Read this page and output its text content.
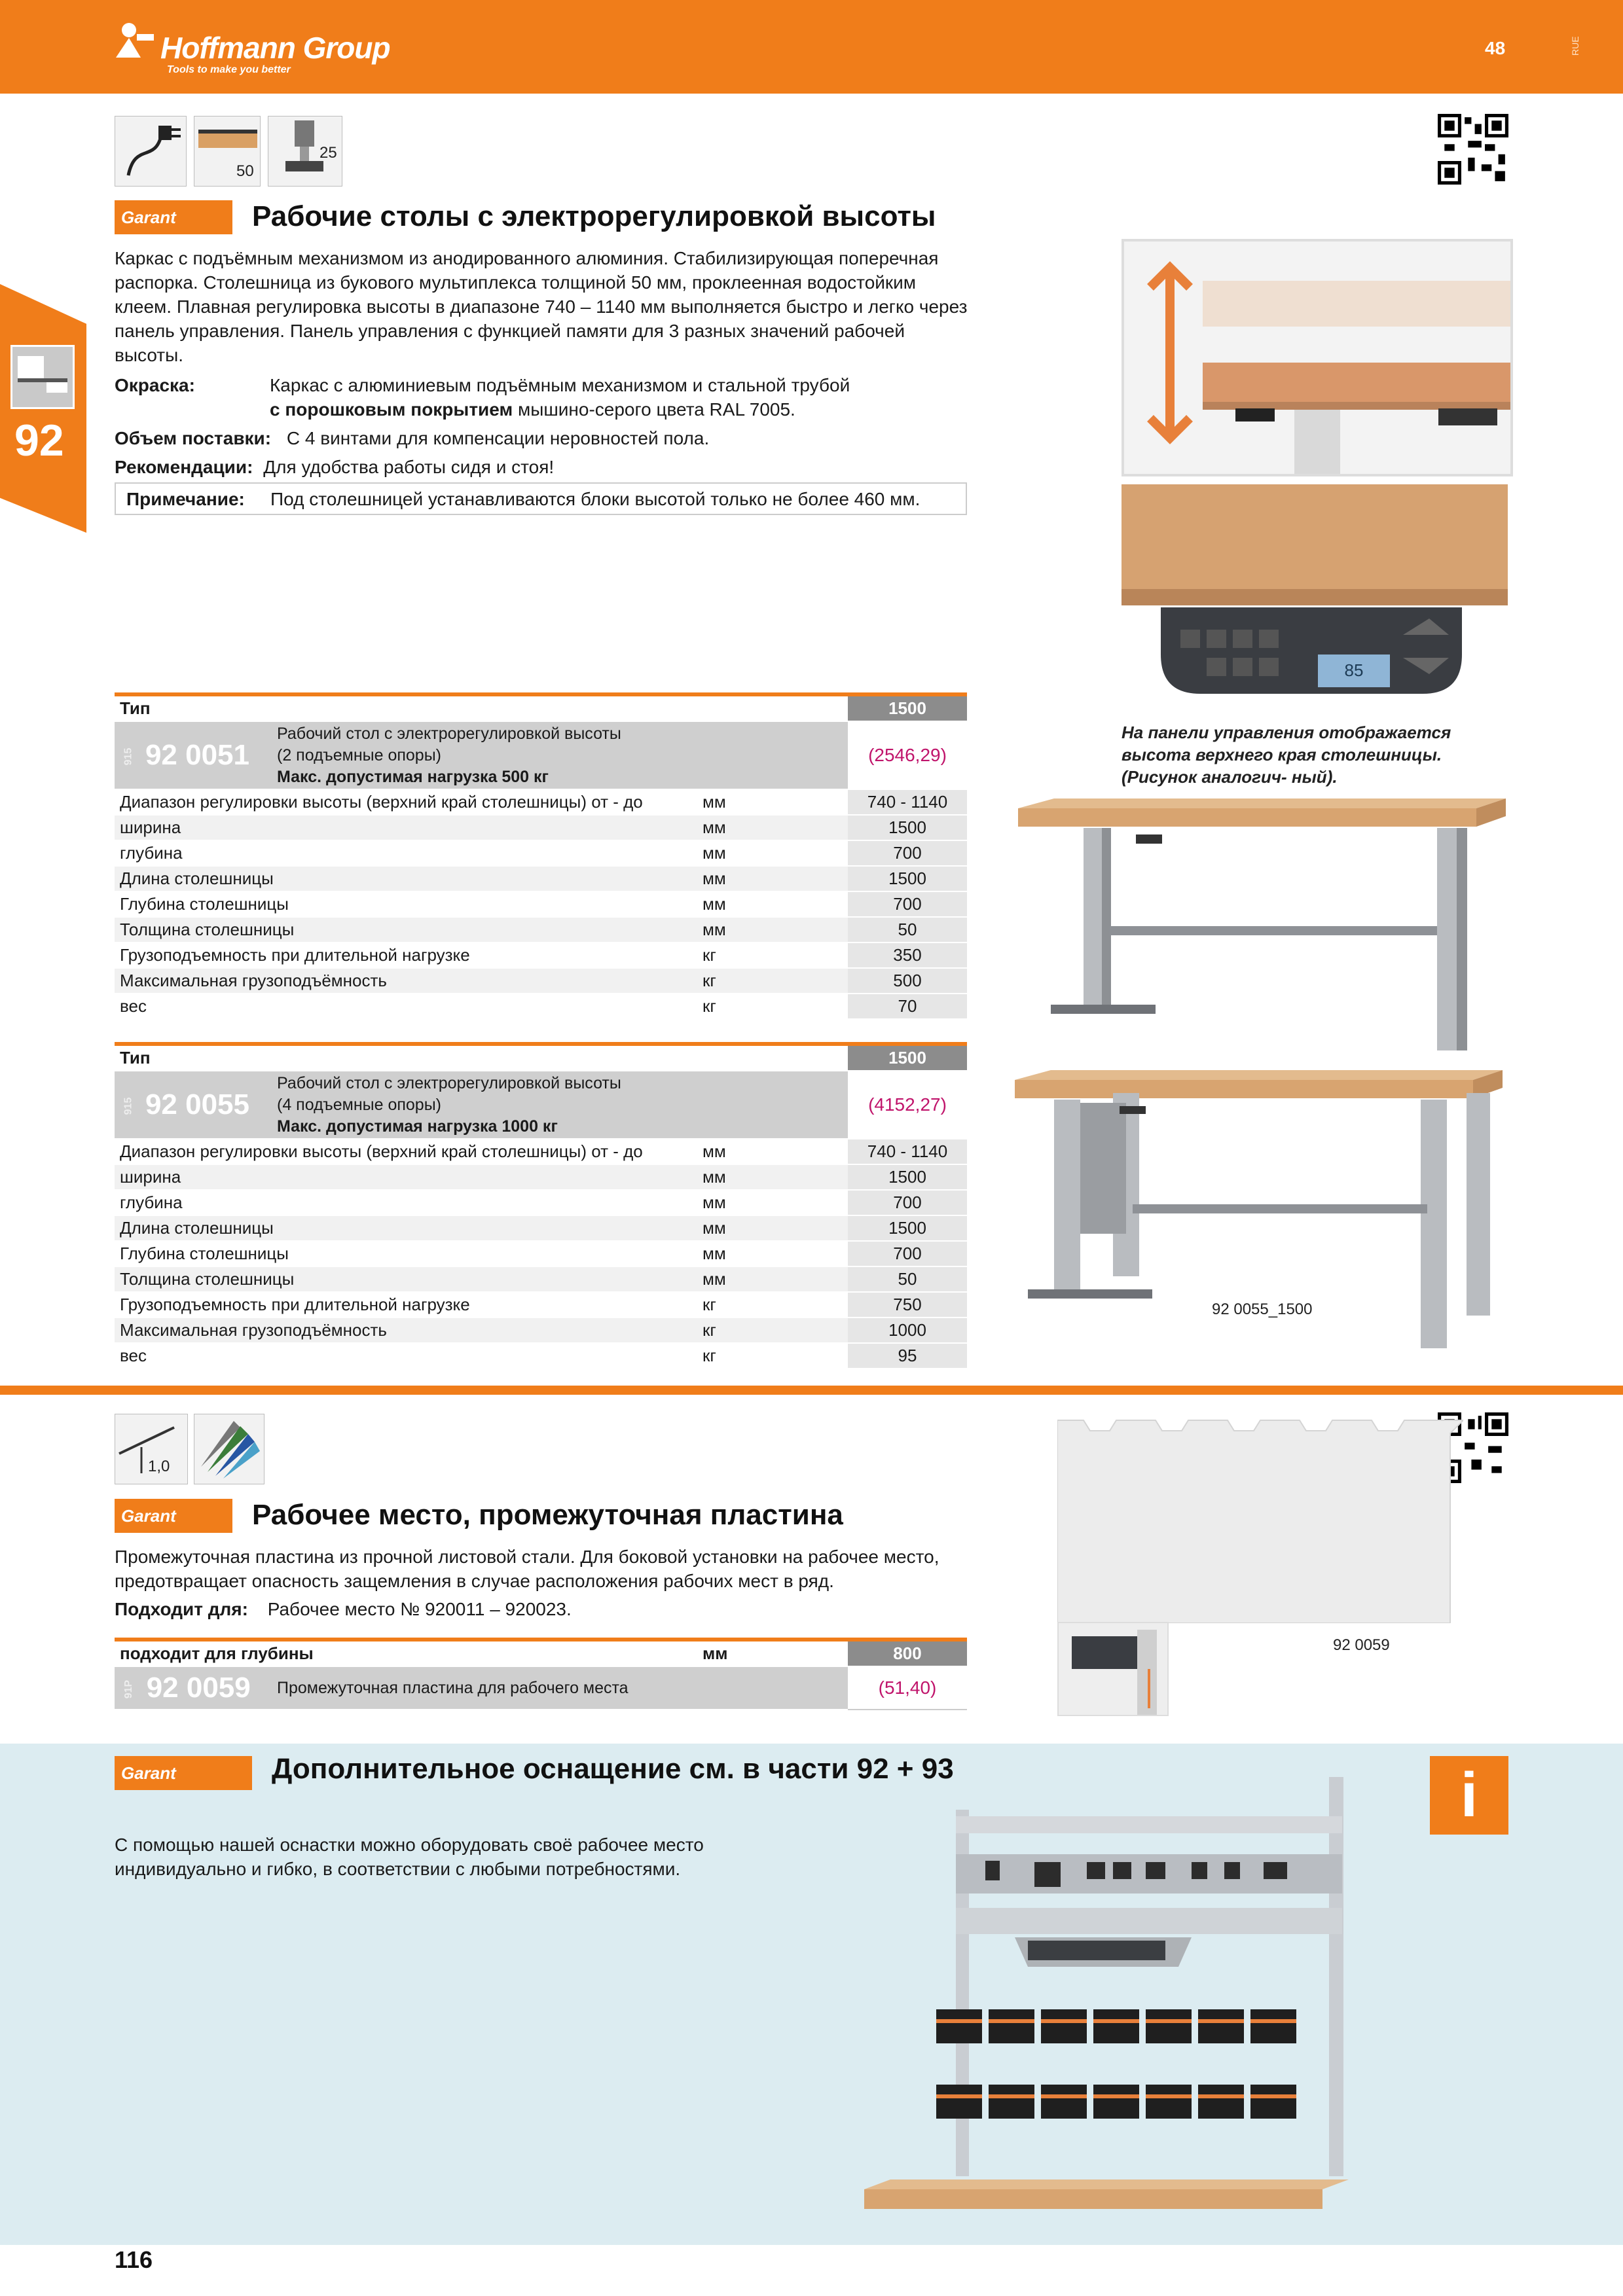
Hoffmann Group
Tools to make you better
48	RUE
92
50
25
Garant	Рабочие столы с электрорегулировкой высоты
Каркас с подъёмным механизмом из анодированного алюминия. Стабилизирующая поперечная распорка. Столешница из букового мультиплекса толщиной 50 мм, проклеенная водостойким клеем. Плавная регулировка высоты в диапазоне 740 – 1140 мм выполняется быстро и легко через панель управления. Панель управления с функцией памяти для 3 разных значений рабочей высоты.
Окраска:	Каркас с алюминиевым подъёмным механизмом и стальной трубой
с порошковым покрытием мышино-серого цвета RAL 7005.
Объем поставки: С 4 винтами для компенсации неровностей пола.
Рекомендации: Для удобства работы сидя и стоя!
Примечание: Под столешницей устанавливаются блоки высотой только не более 460 мм.
85
На панели управления отображается высота верхнего края столешницы. (Рисунок аналогич- ный).
92 0055_1500
Тип			1500
915 92 0051	Рабочий стол с электрорегулировкой высоты
(2 подъемные опоры)
Макс. допустимая нагрузка 500 кг		(2546,29)
Диапазон регулировки высоты (верхний край столешницы) от - до		мм	740 - 1140
ширина		мм	1500
глубина		мм	700
Длина столешницы		мм	1500
Глубина столешницы		мм	700
Толщина столешницы		мм	50
Грузоподъемность при длительной нагрузке		кг	350
Максимальная грузоподъёмность		кг	500
вес		кг	70
Тип			1500
915 92 0055	Рабочий стол с электрорегулировкой высоты
(4 подъемные опоры)
Макс. допустимая нагрузка 1000 кг		(4152,27)
Диапазон регулировки высоты (верхний край столешницы) от - до		мм	740 - 1140
ширина		мм	1500
глубина		мм	700
Длина столешницы		мм	1500
Глубина столешницы		мм	700
Толщина столешницы		мм	50
Грузоподъемность при длительной нагрузке		кг	750
Максимальная грузоподъёмность		кг	1000
вес		кг	95
1,0
Garant	Рабочее место, промежуточная пластина
Промежуточная пластина из прочной листовой стали. Для боковой установки на рабочее место, предотвращает опасность защемления в случае расположения рабочих мест в ряд.
Подходит для: Рабочее место № 920011 – 920023.
92 0059
подходит для глубины		мм	800
91P 92 0059	Промежуточная пластина для рабочего места		(51,40)
Garant	Дополнительное оснащение см. в части 92 + 93	i
С помощью нашей оснастки можно оборудовать своё рабочее место индивидуально и гибко, в соответствии с любыми потребностями.
116
